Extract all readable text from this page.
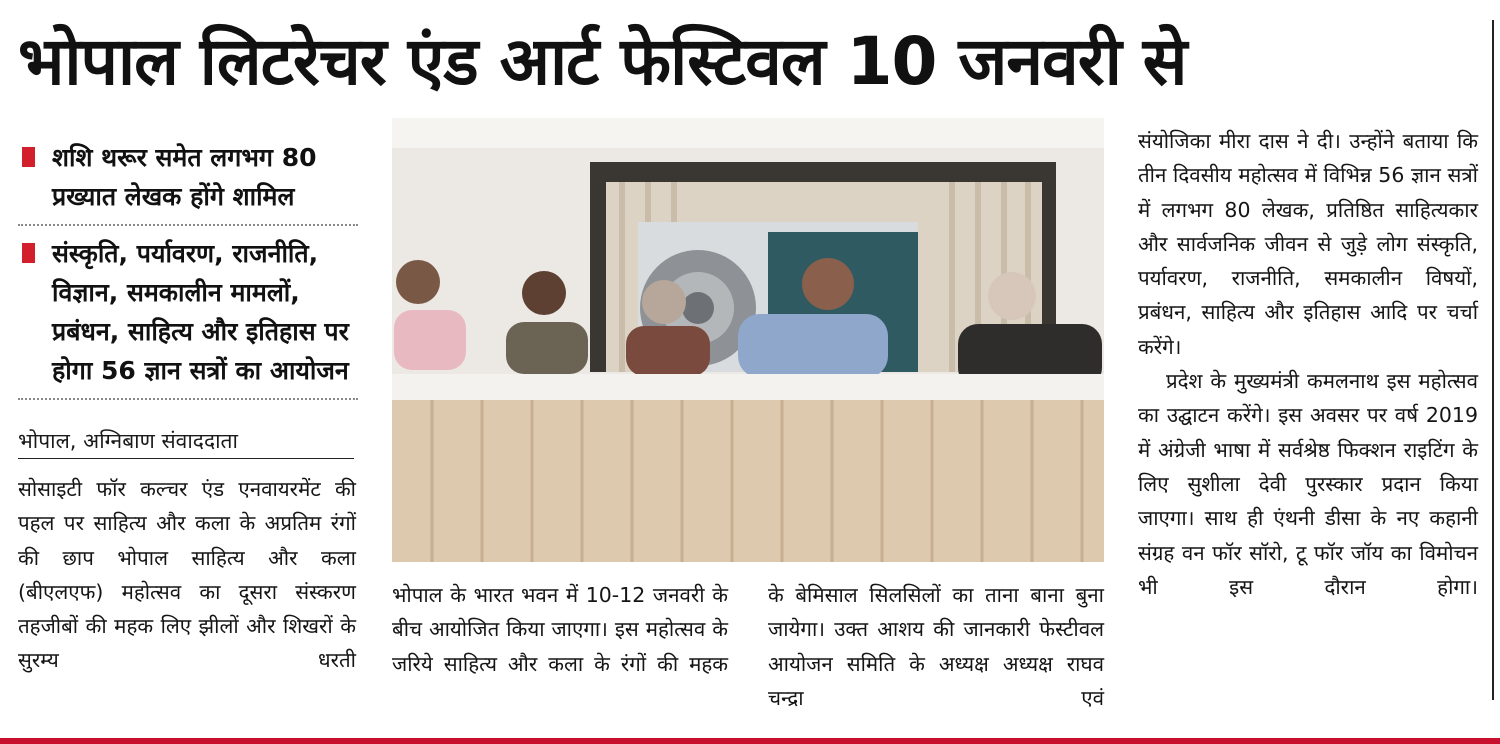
भोपाल लिटरेचर एंड आर्ट फेस्टिवल 10 जनवरी से
शशि थरूर समेत लगभग 80 प्रख्यात लेखक होंगे शामिल
संस्कृति, पर्यावरण, राजनीति, विज्ञान, समकालीन मामलों, प्रबंधन, साहित्य और इतिहास पर होगा 56 ज्ञान सत्रों का आयोजन
भोपाल, अग्निबाण संवाददाता
सोसाइटी फॉर कल्चर एंड एनवायरमेंट की पहल पर साहित्य और कला के अप्रतिम रंगों की छाप भोपाल साहित्य और कला (बीएलएफ) महोत्सव का दूसरा संस्करण तहजीबों की महक लिए झीलों और शिखरों के सुरम्य धरती
भोपाल के भारत भवन में 10-12 जनवरी के बीच आयोजित किया जाएगा। इस महोत्सव के जरिये साहित्य और कला के रंगों की महक
के बेमिसाल सिलसिलों का ताना बाना बुना जायेगा। उक्त आशय की जानकारी फेस्टीवल आयोजन समिति के अध्यक्ष अध्यक्ष राघव चन्द्रा एवं
संयोजिका मीरा दास ने दी। उन्होंने बताया कि तीन दिवसीय महोत्सव में विभिन्न 56 ज्ञान सत्रों में लगभग 80 लेखक, प्रतिष्ठित साहित्यकार और सार्वजनिक जीवन से जुड़े लोग संस्कृति, पर्यावरण, राजनीति, समकालीन विषयों, प्रबंधन, साहित्य और इतिहास आदि पर चर्चा करेंगे।
प्रदेश के मुख्यमंत्री कमलनाथ इस महोत्सव का उद्घाटन करेंगे। इस अवसर पर वर्ष 2019 में अंग्रेजी भाषा में सर्वश्रेष्ठ फिक्शन राइटिंग के लिए सुशीला देवी पुरस्कार प्रदान किया जाएगा। साथ ही एंथनी डीसा के नए कहानी संग्रह वन फॉर सॉरो, टू फॉर जॉय का विमोचन भी इस दौरान होगा।
